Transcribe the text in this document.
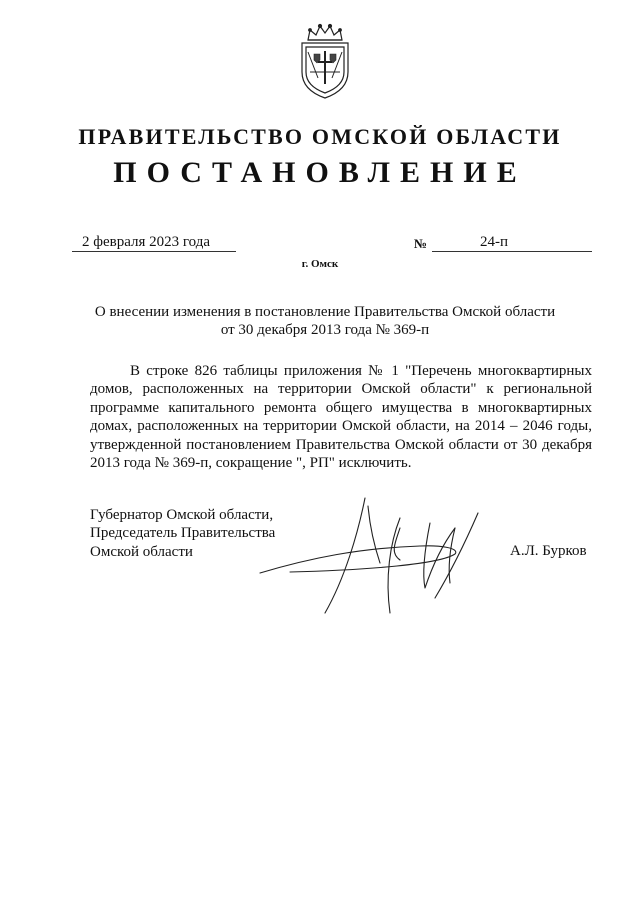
ПРАВИТЕЛЬСТВО ОМСКОЙ ОБЛАСТИ
ПОСТАНОВЛЕНИЕ
2 февраля 2023 года	№	24-п
г. Омск
О внесении изменения в постановление Правительства Омской области
от 30 декабря 2013 года № 369-п
В строке 826 таблицы приложения № 1 "Перечень многоквартирных домов, расположенных на территории Омской области" к региональной программе капитального ремонта общего имущества в многоквартирных домах, расположенных на территории Омской области, на 2014 – 2046 годы, утвержденной постановлением Правительства Омской области от 30 декабря 2013 года № 369-п, сокращение ", РП" исключить.
Губернатор Омской области,
Председатель Правительства
Омской области	А.Л. Бурков
